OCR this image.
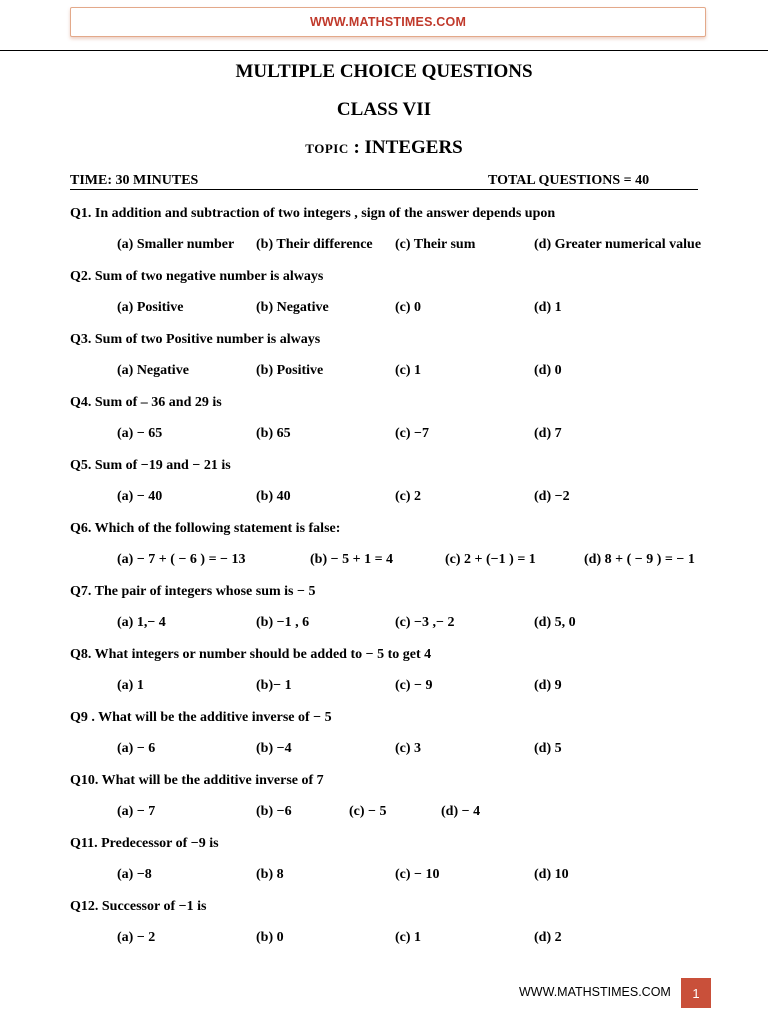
WWW.MATHSTIMES.COM
MULTIPLE CHOICE QUESTIONS
CLASS VII
TOPIC : INTEGERS
TIME: 30 MINUTES	TOTAL QUESTIONS = 40
Q1. In addition and subtraction of two integers , sign of the answer depends upon
(a) Smaller number (b) Their difference (c) Their sum	(d) Greater numerical value
Q2. Sum of two negative number is always
(a) Positive	(b) Negative	(c) 0	(d) 1
Q3. Sum of two Positive number is always
(a) Negative	(b) Positive	(c) 1	(d) 0
Q4. Sum of – 36 and 29 is
(a) − 65	(b) 65	(c) −7	(d) 7
Q5. Sum of −19 and − 21 is
(a) − 40	(b) 40	(c) 2	(d) −2
Q6. Which of the following statement is false:
(a) − 7 + ( − 6 ) = − 13	(b) − 5 + 1 = 4	(c) 2 + (−1 ) = 1	(d) 8 + ( − 9 ) = − 1
Q7. The pair of integers whose sum is − 5
(a) 1,− 4	(b) −1 , 6	(c) −3 ,− 2	(d) 5, 0
Q8. What integers or number should be added to − 5 to get 4
(a) 1	(b)− 1	(c) − 9	(d) 9
Q9 . What will be the additive inverse of − 5
(a) − 6	(b) −4	(c) 3	(d) 5
Q10. What will be the additive inverse of 7
(a) − 7	(b) −6	(c) − 5	(d) − 4
Q11. Predecessor of −9 is
(a) −8	(b) 8	(c) − 10	(d) 10
Q12. Successor of −1 is
(a) − 2	(b) 0	(c) 1	(d) 2
WWW.MATHSTIMES.COM	1
